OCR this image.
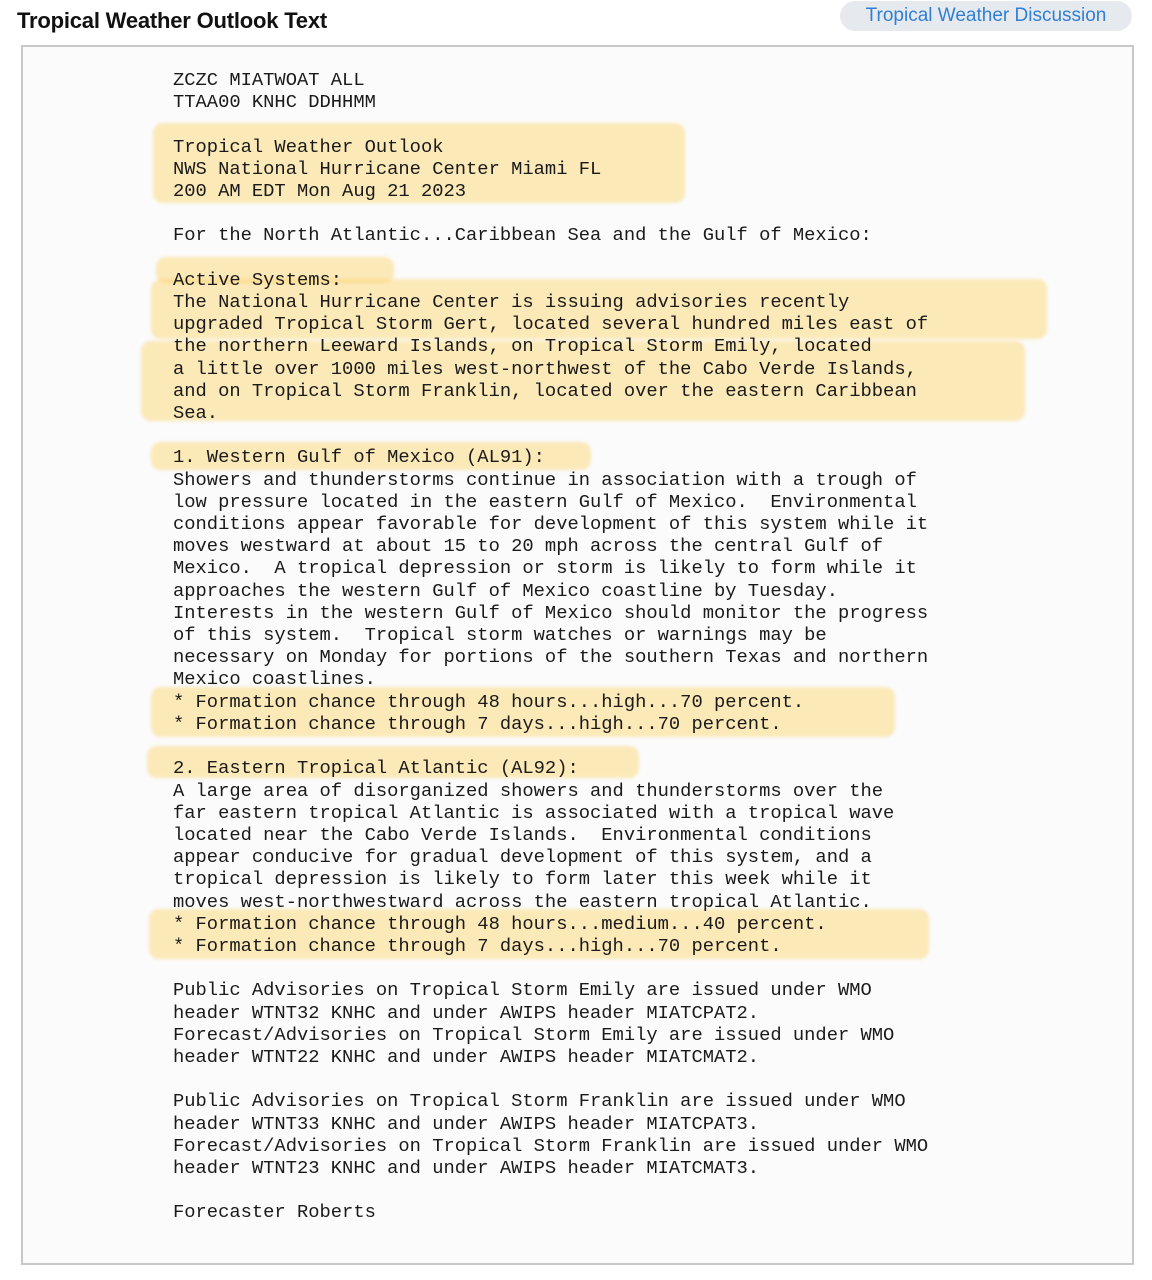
Tropical Weather Outlook Text	Tropical Weather Discussion
ZCZC MIATWOAT ALL
TTAA00 KNHC DDHHMM

Tropical Weather Outlook
NWS National Hurricane Center Miami FL
200 AM EDT Mon Aug 21 2023

For the North Atlantic...Caribbean Sea and the Gulf of Mexico:

Active Systems:
The National Hurricane Center is issuing advisories recently
upgraded Tropical Storm Gert, located several hundred miles east of
the northern Leeward Islands, on Tropical Storm Emily, located
a little over 1000 miles west-northwest of the Cabo Verde Islands,
and on Tropical Storm Franklin, located over the eastern Caribbean
Sea.

1. Western Gulf of Mexico (AL91):
Showers and thunderstorms continue in association with a trough of
low pressure located in the eastern Gulf of Mexico.  Environmental
conditions appear favorable for development of this system while it
moves westward at about 15 to 20 mph across the central Gulf of
Mexico.  A tropical depression or storm is likely to form while it
approaches the western Gulf of Mexico coastline by Tuesday.
Interests in the western Gulf of Mexico should monitor the progress
of this system.  Tropical storm watches or warnings may be
necessary on Monday for portions of the southern Texas and northern
Mexico coastlines.
* Formation chance through 48 hours...high...70 percent.
* Formation chance through 7 days...high...70 percent.

2. Eastern Tropical Atlantic (AL92):
A large area of disorganized showers and thunderstorms over the
far eastern tropical Atlantic is associated with a tropical wave
located near the Cabo Verde Islands.  Environmental conditions
appear conducive for gradual development of this system, and a
tropical depression is likely to form later this week while it
moves west-northwestward across the eastern tropical Atlantic.
* Formation chance through 48 hours...medium...40 percent.
* Formation chance through 7 days...high...70 percent.

Public Advisories on Tropical Storm Emily are issued under WMO
header WTNT32 KNHC and under AWIPS header MIATCPAT2.
Forecast/Advisories on Tropical Storm Emily are issued under WMO
header WTNT22 KNHC and under AWIPS header MIATCMAT2.

Public Advisories on Tropical Storm Franklin are issued under WMO
header WTNT33 KNHC and under AWIPS header MIATCPAT3.
Forecast/Advisories on Tropical Storm Franklin are issued under WMO
header WTNT23 KNHC and under AWIPS header MIATCMAT3.

Forecaster Roberts
